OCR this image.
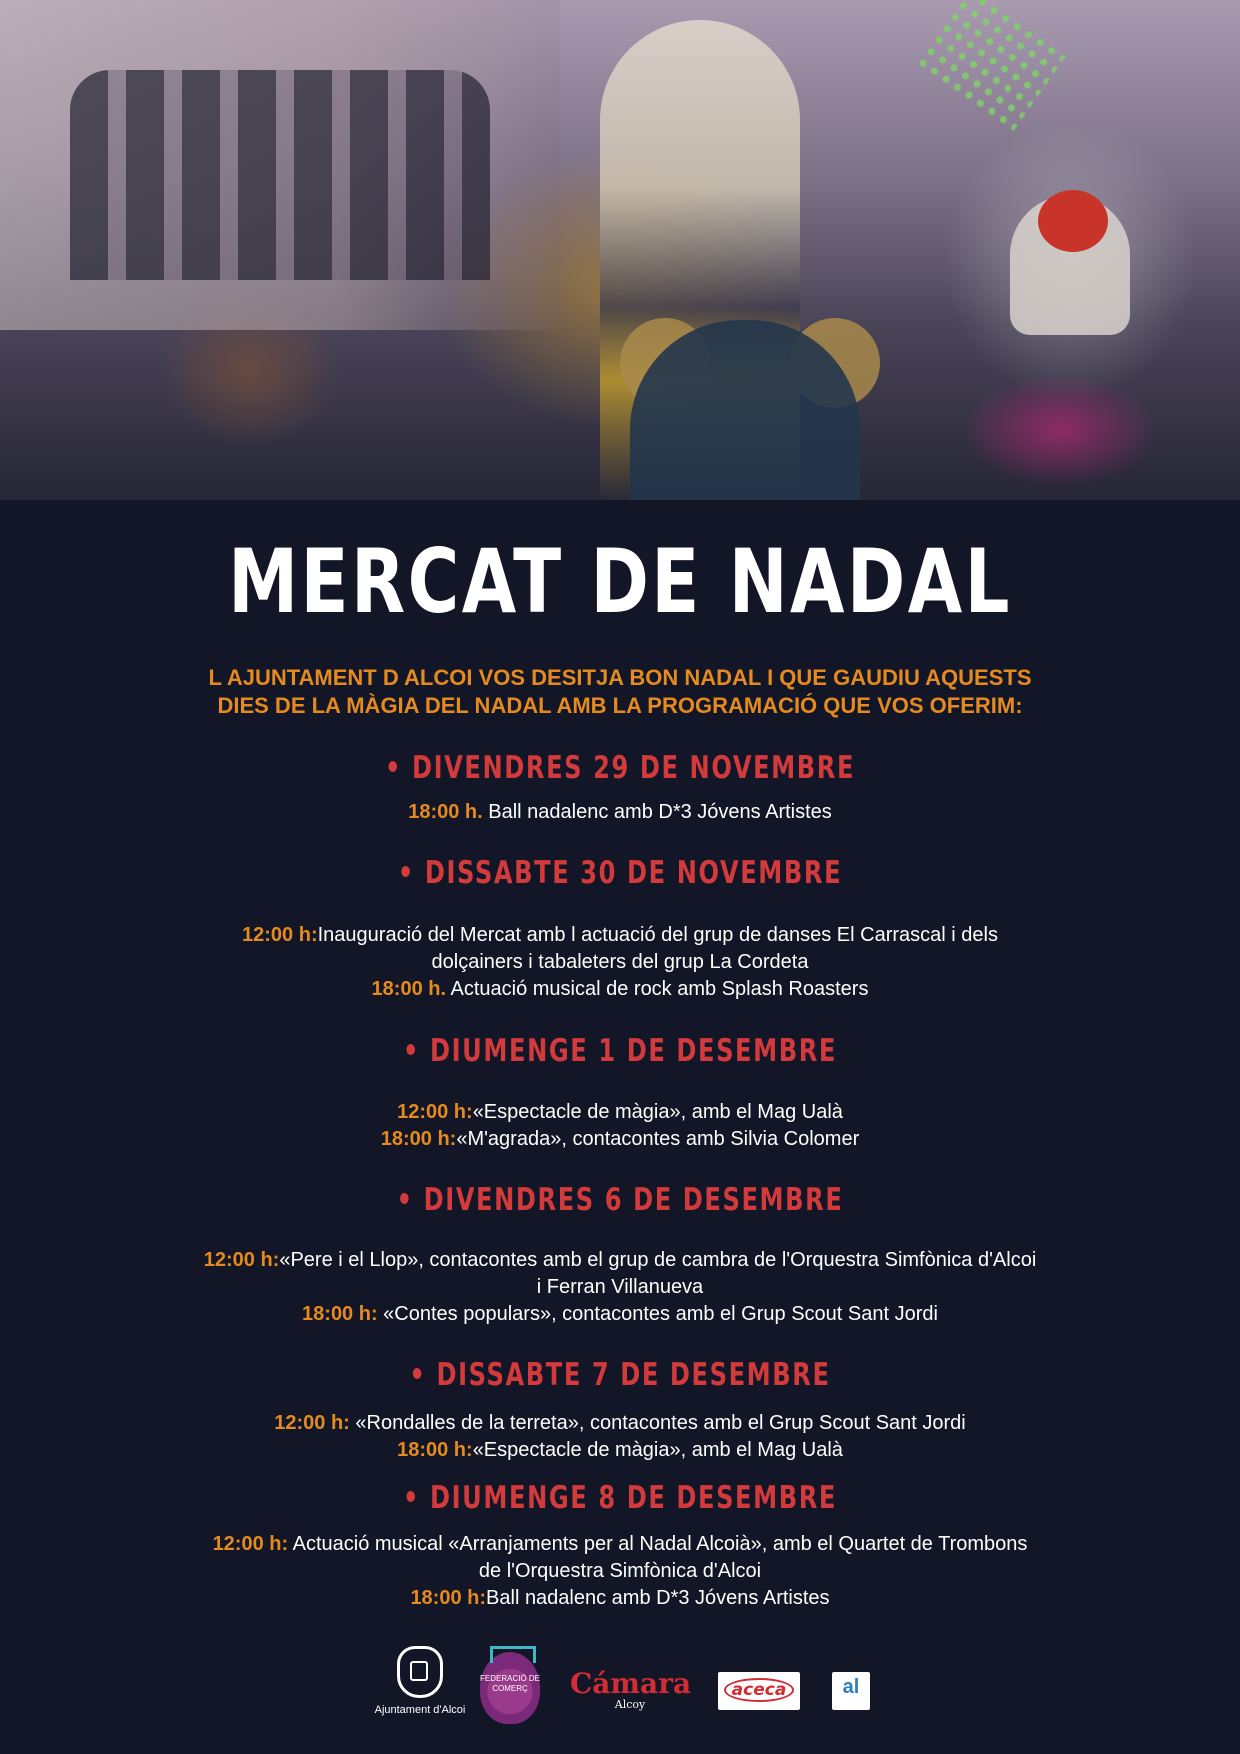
MERCAT DE NADAL
L AJUNTAMENT D ALCOI VOS DESITJA BON NADAL I QUE GAUDIU AQUESTS
DIES DE LA MÀGIA DEL NADAL AMB LA PROGRAMACIÓ QUE VOS OFERIM:
• DIVENDRES 29 DE NOVEMBRE
18:00 h. Ball nadalenc amb D*3 Jóvens Artistes
• DISSABTE 30 DE NOVEMBRE
12:00 h:Inauguració del Mercat amb l actuació del grup de danses El Carrascal i dels
dolçainers i tabaleters del grup La Cordeta
18:00 h. Actuació musical de rock amb Splash Roasters
• DIUMENGE 1 DE DESEMBRE
12:00 h:«Espectacle de màgia», amb el Mag Ualà
18:00 h:«M'agrada», contacontes amb Silvia Colomer
• DIVENDRES 6 DE DESEMBRE
12:00 h:«Pere i el Llop», contacontes amb el grup de cambra de l'Orquestra Simfònica d'Alcoi
i Ferran Villanueva
18:00 h: «Contes populars», contacontes amb el Grup Scout Sant Jordi
• DISSABTE 7 DE DESEMBRE
12:00 h: «Rondalles de la terreta», contacontes amb el Grup Scout Sant Jordi
18:00 h:«Espectacle de màgia», amb el Mag Ualà
• DIUMENGE 8 DE DESEMBRE
12:00 h: Actuació musical «Arranjaments per al Nadal Alcoià», amb el Quartet de Trombons
de l'Orquestra Simfònica d'Alcoi
18:00 h:Ball nadalenc amb D*3 Jóvens Artistes
Ajuntament d'Alcoi
FEDERACIÓ DE COMERÇ	Cámara
Alcoy
aceca	al
